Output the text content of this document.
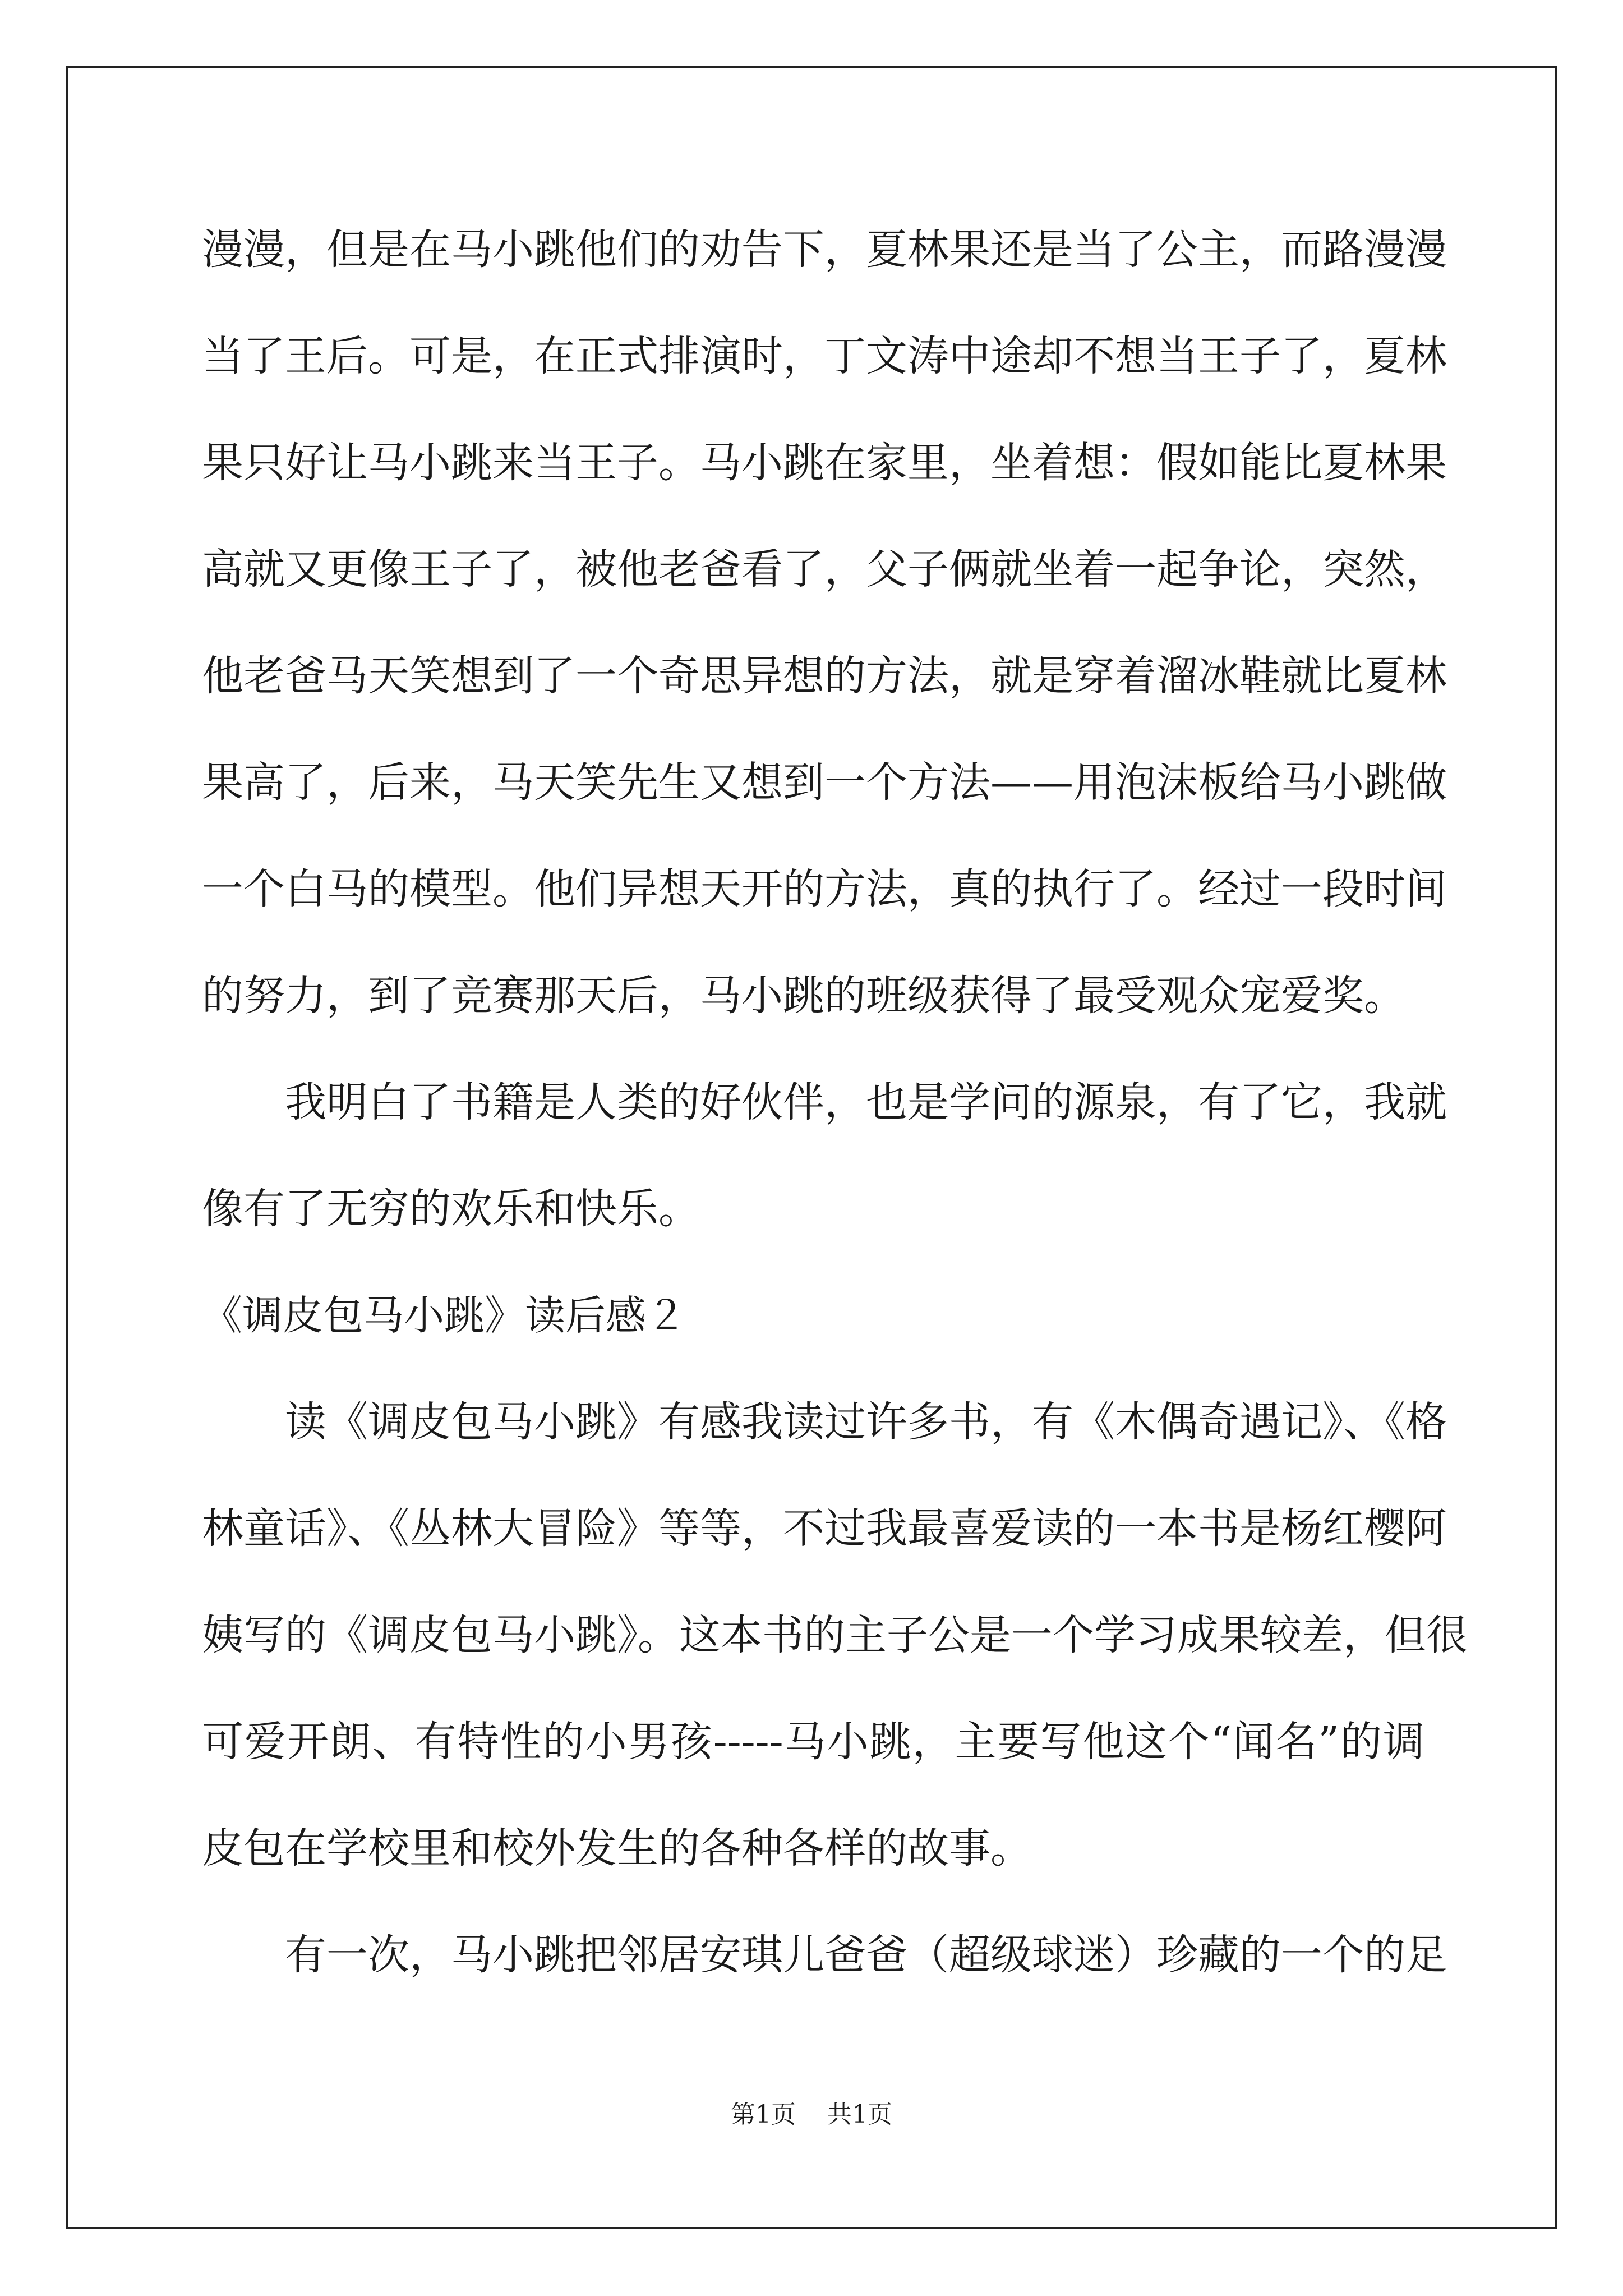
漫漫，但是在马小跳他们的劝告下，夏林果还是当了公主，而路漫漫
当了王后。可是，在正式排演时，丁文涛中途却不想当王子了，夏林
果只好让马小跳来当王子。马小跳在家里，坐着想：假如能比夏林果
高就又更像王子了，被他老爸看了，父子俩就坐着一起争论，突然，
他老爸马天笑想到了一个奇思异想的方法，就是穿着溜冰鞋就比夏林
果高了，后来，马天笑先生又想到一个方法——用泡沫板给马小跳做
一个白马的模型。他们异想天开的方法，真的执行了。经过一段时间
的努力，到了竞赛那天后，马小跳的班级获得了最受观众宠爱奖。
我明白了书籍是人类的好伙伴，也是学问的源泉，有了它，我就
像有了无穷的欢乐和快乐。
《调皮包马小跳》读后感２
读《调皮包马小跳》有感我读过许多书，有《木偶奇遇记》、《格
林童话》、《丛林大冒险》等等，不过我最喜爱读的一本书是杨红樱阿
姨写的《调皮包马小跳》。这本书的主子公是一个学习成果较差，但很
可爱开朗、有特性的小男孩-----马小跳，主要写他这个“闻名”的调
皮包在学校里和校外发生的各种各样的故事。
有一次，马小跳把邻居安琪儿爸爸（超级球迷）珍藏的一个的足
第1页 共1页
